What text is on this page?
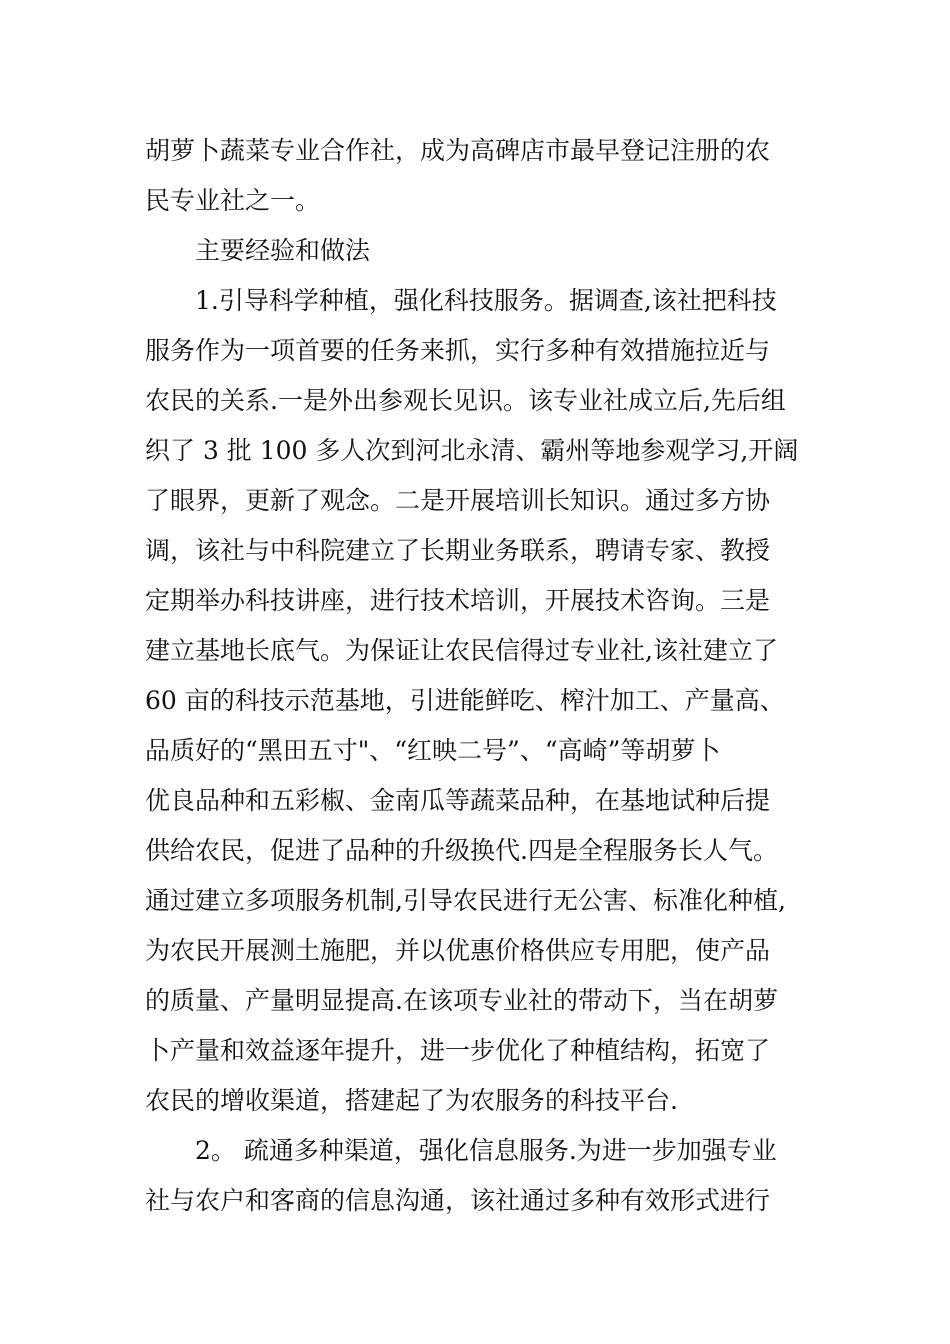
胡萝卜蔬菜专业合作社，成为高碑店市最早登记注册的农
民专业社之一。
主要经验和做法
1.引导科学种植，强化科技服务。据调查,该社把科技
服务作为一项首要的任务来抓，实行多种有效措施拉近与
农民的关系.一是外出参观长见识。该专业社成立后,先后组
织了 3 批 100 多人次到河北永清、霸州等地参观学习,开阔
了眼界，更新了观念。二是开展培训长知识。通过多方协
调，该社与中科院建立了长期业务联系，聘请专家、教授
定期举办科技讲座，进行技术培训，开展技术咨询。三是
建立基地长底气。为保证让农民信得过专业社,该社建立了
60 亩的科技示范基地，引进能鲜吃、榨汁加工、产量高、
品质好的“黑田五寸"、“红映二号”、“高崎”等胡萝卜
优良品种和五彩椒、金南瓜等蔬菜品种，在基地试种后提
供给农民，促进了品种的升级换代.四是全程服务长人气。
通过建立多项服务机制,引导农民进行无公害、标准化种植,
为农民开展测土施肥，并以优惠价格供应专用肥，使产品
的质量、产量明显提高.在该项专业社的带动下，当在胡萝
卜产量和效益逐年提升，进一步优化了种植结构，拓宽了
农民的增收渠道，搭建起了为农服务的科技平台.
2。 疏通多种渠道，强化信息服务.为进一步加强专业
社与农户和客商的信息沟通，该社通过多种有效形式进行
